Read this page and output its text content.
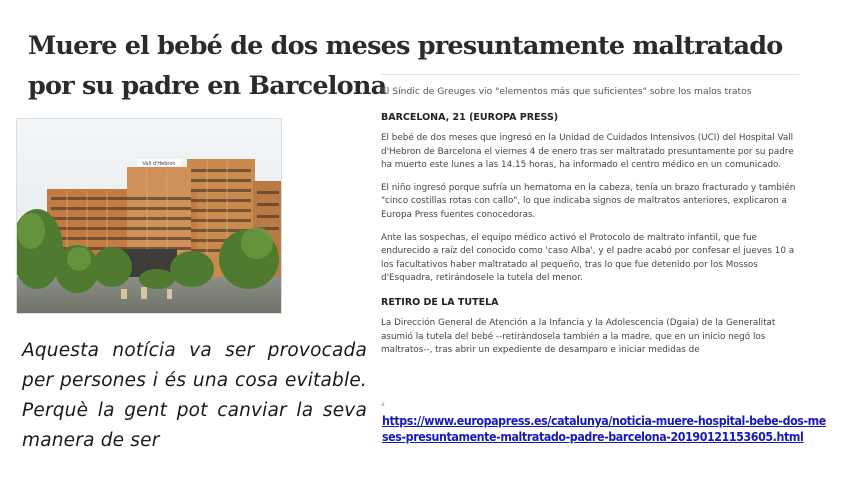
Muere el bebé de dos meses presuntamente maltratado por su padre en Barcelona
Vall d'Hebron

El Síndic de Greuges vio "elementos más que suficientes" sobre los malos tratos

BARCELONA, 21 (EUROPA PRESS)

El bebé de dos meses que ingresó en la Unidad de Cuidados Intensivos (UCI) del Hospital Vall d'Hebron de Barcelona el viernes 4 de enero tras ser maltratado presuntamente por su padre ha muerto este lunes a las 14.15 horas, ha informado el centro médico en un comunicado.

El niño ingresó porque sufría un hematoma en la cabeza, tenía un brazo fracturado y también "cinco costillas rotas con callo", lo que indicaba signos de maltratos anteriores, explicaron a Europa Press fuentes conocedoras.

Ante las sospechas, el equipo médico activó el Protocolo de maltrato infantil, que fue endurecido a raíz del conocido como 'caso Alba', y el padre acabó por confesar el jueves 10 a los facultativos haber maltratado al pequeño, tras lo que fue detenido por los Mossos d'Esquadra, retirándosele la tutela del menor.

RETIRO DE LA TUTELA

La Dirección General de Atención a la Infancia y la Adolescencia (Dgaia) de la Generalitat asumió la tutela del bebé --retirándosela también a la madre, que en un inicio negó los maltratos--, tras abrir un expediente de desamparo e iniciar medidas de

Aquesta notícia va ser provocada per persones i és una cosa evitable. Perquè la gent pot canviar la seva manera de ser
a
https://www.europapress.es/catalunya/noticia-muere-hospital-bebe-dos-meses-presuntamente-maltratado-padre-barcelona-20190121153605.html
